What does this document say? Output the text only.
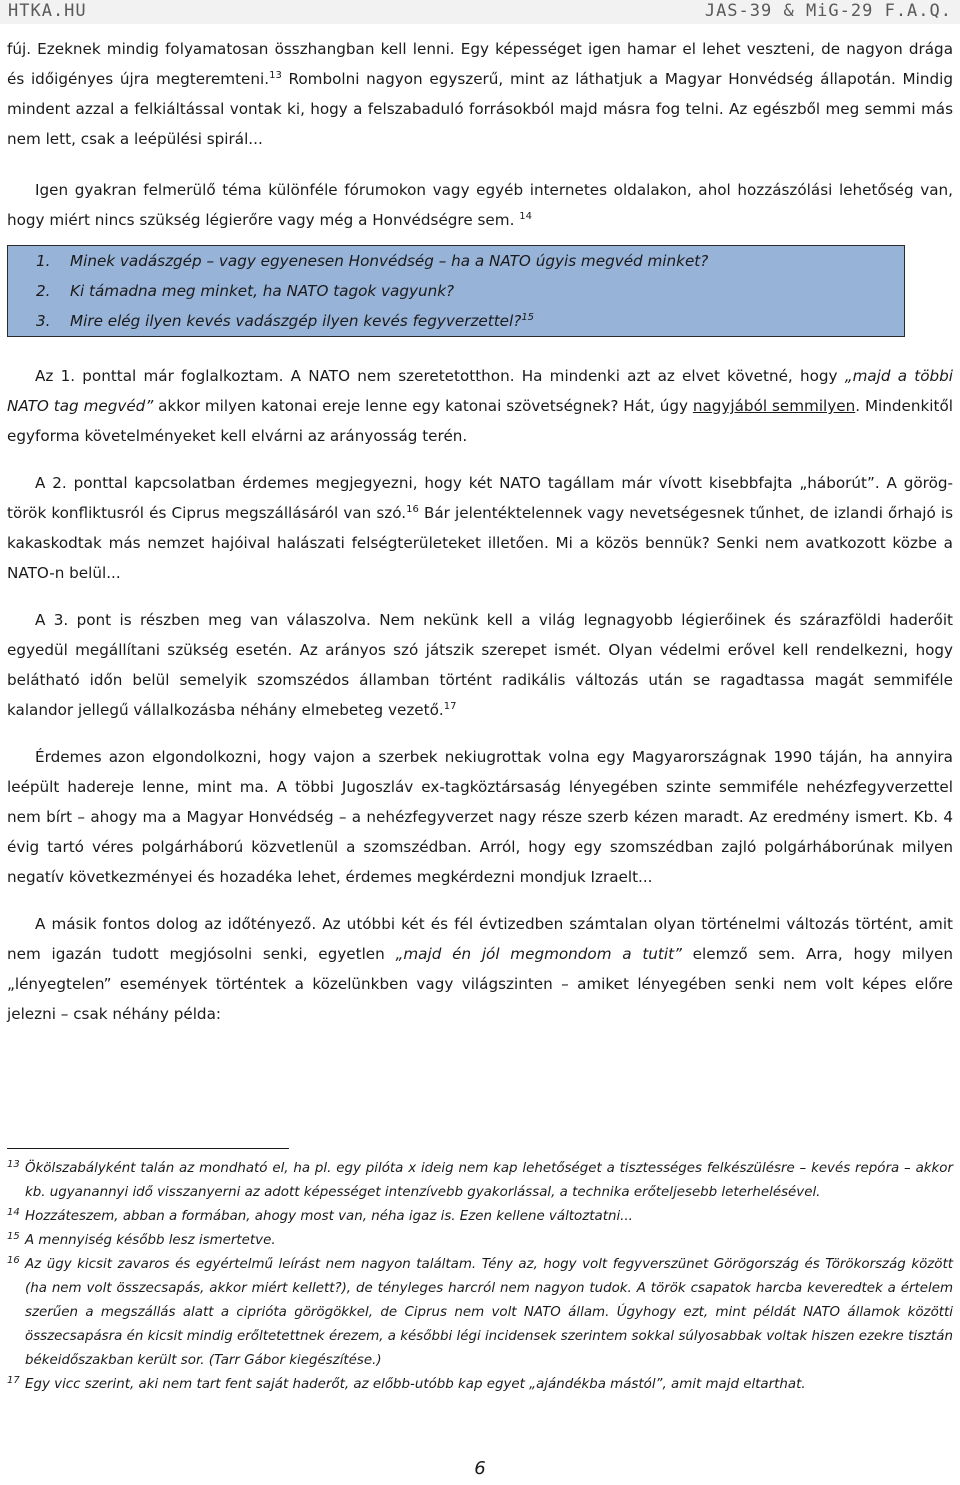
HTKA.HU	JAS-39 & MiG-29 F.A.Q.

fúj. Ezeknek mindig folyamatosan összhangban kell lenni. Egy képességet igen hamar el lehet veszteni, de nagyon drága és időigényes újra megteremteni.$^{13}$ Rombolni nagyon egyszerű, mint az láthatjuk a Magyar Honvédség állapotán. Mindig mindent azzal a felkiáltással vontak ki, hogy a felszabaduló forrásokból majd másra fog telni. Az egészből meg semmi más nem lett, csak a leépülési spirál...

Igen gyakran felmerülő téma különféle fórumokon vagy egyéb internetes oldalakon, ahol hozzászólási lehetőség van, hogy miért nincs szükség légierőre vagy még a Honvédségre sem. $^{14}$

1. Minek vadászgép – vagy egyenesen Honvédség – ha a NATO úgyis megvéd minket?
2. Ki támadna meg minket, ha NATO tagok vagyunk?
3. Mire elég ilyen kevés vadászgép ilyen kevés fegyverzettel?$^{15}$

Az 1. ponttal már foglalkoztam. A NATO nem szeretetotthon. Ha mindenki azt az elvet követné, hogy „majd a többi NATO tag megvéd” akkor milyen katonai ereje lenne egy katonai szövetségnek? Hát, úgy nagyjából semmilyen. Mindenkitől egyforma követelményeket kell elvárni az arányosság terén.

A 2. ponttal kapcsolatban érdemes megjegyezni, hogy két NATO tagállam már vívott kisebbfajta „háborút”. A görög-török konfliktusról és Ciprus megszállásáról van szó.$^{16}$ Bár jelentéktelennek vagy nevetségesnek tűnhet, de izlandi őrhajó is kakaskodtak más nemzet hajóival halászati felségterületeket illetően. Mi a közös bennük? Senki nem avatkozott közbe a NATO-n belül...

A 3. pont is részben meg van válaszolva. Nem nekünk kell a világ legnagyobb légierőinek és szárazföldi haderőit egyedül megállítani szükség esetén. Az arányos szó játszik szerepet ismét. Olyan védelmi erővel kell rendelkezni, hogy belátható időn belül semelyik szomszédos államban történt radikális változás után se ragadtassa magát semmiféle kalandor jellegű vállalkozásba néhány elmebeteg vezető.$^{17}$

Érdemes azon elgondolkozni, hogy vajon a szerbek nekiugrottak volna egy Magyarországnak 1990 táján, ha annyira leépült hadereje lenne, mint ma. A többi Jugoszláv ex-tagköztársaság lényegében szinte semmiféle nehézfegyverzettel nem bírt – ahogy ma a Magyar Honvédség – a nehézfegyverzet nagy része szerb kézen maradt. Az eredmény ismert. Kb. 4 évig tartó véres polgárháború közvetlenül a szomszédban. Arról, hogy egy szomszédban zajló polgárháborúnak milyen negatív következményei és hozadéka lehet, érdemes megkérdezni mondjuk Izraelt...

A másik fontos dolog az időtényező. Az utóbbi két és fél évtizedben számtalan olyan történelmi változás történt, amit nem igazán tudott megjósolni senki, egyetlen „majd én jól megmondom a tutit” elemző sem. Arra, hogy milyen „lényegtelen” események történtek a közelünkben vagy világszinten – amiket lényegében senki nem volt képes előre jelezni – csak néhány példa:

13 Ökölszabályként talán az mondható el, ha pl. egy pilóta x ideig nem kap lehetőséget a tisztességes felkészülésre – kevés repóra – akkor kb. ugyanannyi idő visszanyerni az adott képességet intenzívebb gyakorlással, a technika erőteljesebb leterhelésével.
14 Hozzáteszem, abban a formában, ahogy most van, néha igaz is. Ezen kellene változtatni...
15 A mennyiség később lesz ismertetve.
16 Az ügy kicsit zavaros és egyértelmű leírást nem nagyon találtam. Tény az, hogy volt fegyverszünet Görögország és Törökország között (ha nem volt összecsapás, akkor miért kellett?), de tényleges harcról nem nagyon tudok. A török csapatok harcba keveredtek a értelem szerűen a megszállás alatt a ciprióta görögökkel, de Ciprus nem volt NATO állam. Úgyhogy ezt, mint példát NATO államok közötti összecsapásra én kicsit mindig erőltetettnek érezem, a későbbi légi incidensek szerintem sokkal súlyosabbak voltak hiszen ezekre tisztán békeidőszakban került sor. (Tarr Gábor kiegészítése.)
17 Egy vicc szerint, aki nem tart fent saját haderőt, az előbb-utóbb kap egyet „ajándékba mástól”, amit majd eltarthat.
6
